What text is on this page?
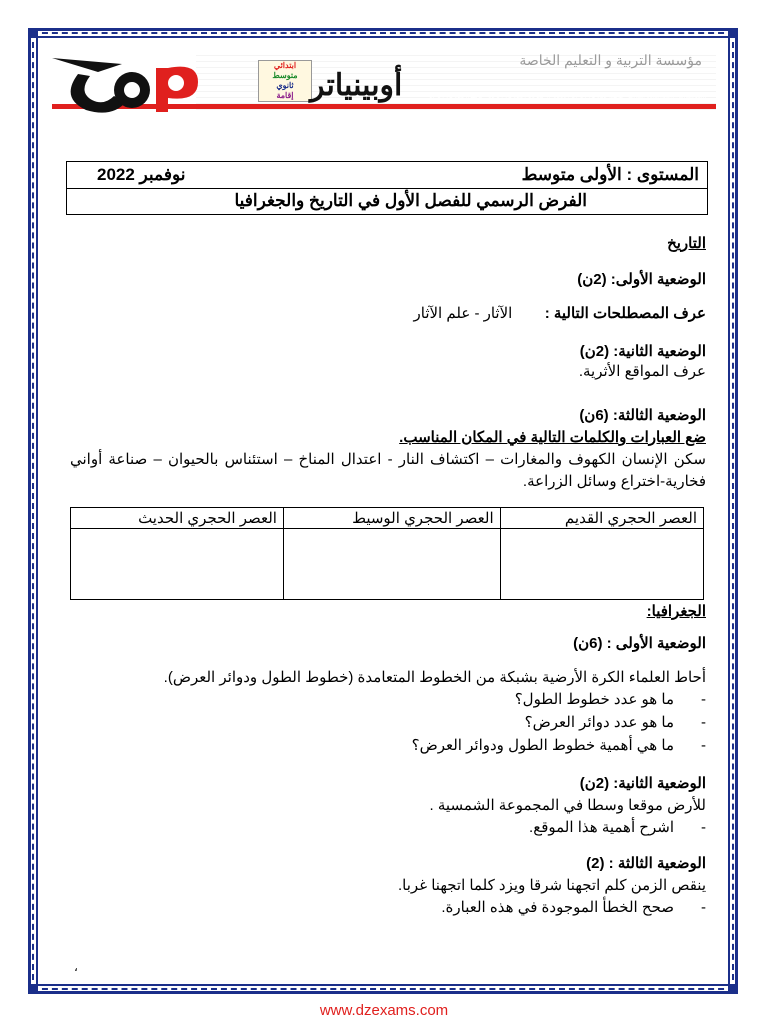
ابتدائي
متوسط
ثانوي
إقامة أوبينياتر
مؤسسة التربية و التعليم الخاصة
هاتف: 023 71 54 57 / 0560 47 22 36 / 023 71 54 63 - فاكس: 023 71 54 67 - Email: selamouri@gmail.com
المستوى : الأولى متوسط
نوفمبر 2022
الفرض الرسمي للفصل الأول في التاريخ والجغرافيا
التاريخ
الوضعية الأولى: (2ن)
عرف المصطلحات التالية :  الآثار - علم الآثار
الوضعية الثانية: (2ن)
عرف المواقع الأثرية.
الوضعية الثالثة: (6ن)
ضع العبارات والكلمات التالية في المكان المناسب.
سكن الإنسان الكهوف والمغارات – اكتشاف النار - اعتدال المناخ – استئناس بالحيوان – صناعة أواني فخارية-اختراع وسائل الزراعة.
العصر الحجري القديم	العصر الحجري الوسيط	العصر الحجري الحديث

الجغرافيا:
الوضعية الأولى : (6ن)
أحاط العلماء الكرة الأرضية بشبكة من الخطوط المتعامدة (خطوط الطول ودوائر العرض).
- ما هو عدد خطوط الطول؟
- ما هو عدد دوائر العرض؟
- ما هي أهمية خطوط الطول ودوائر العرض؟
الوضعية الثانية: (2ن)
للأرض موقعا وسطا في المجموعة الشمسية .
- اشرح أهمية هذا الموقع.
الوضعية الثالثة : (2)
ينقص الزمن كلم اتجهنا شرقا ويزد كلما اتجهنا غربا.
- صحح الخطأ الموجودة في هذه العبارة.
،
www.dzexams.com
